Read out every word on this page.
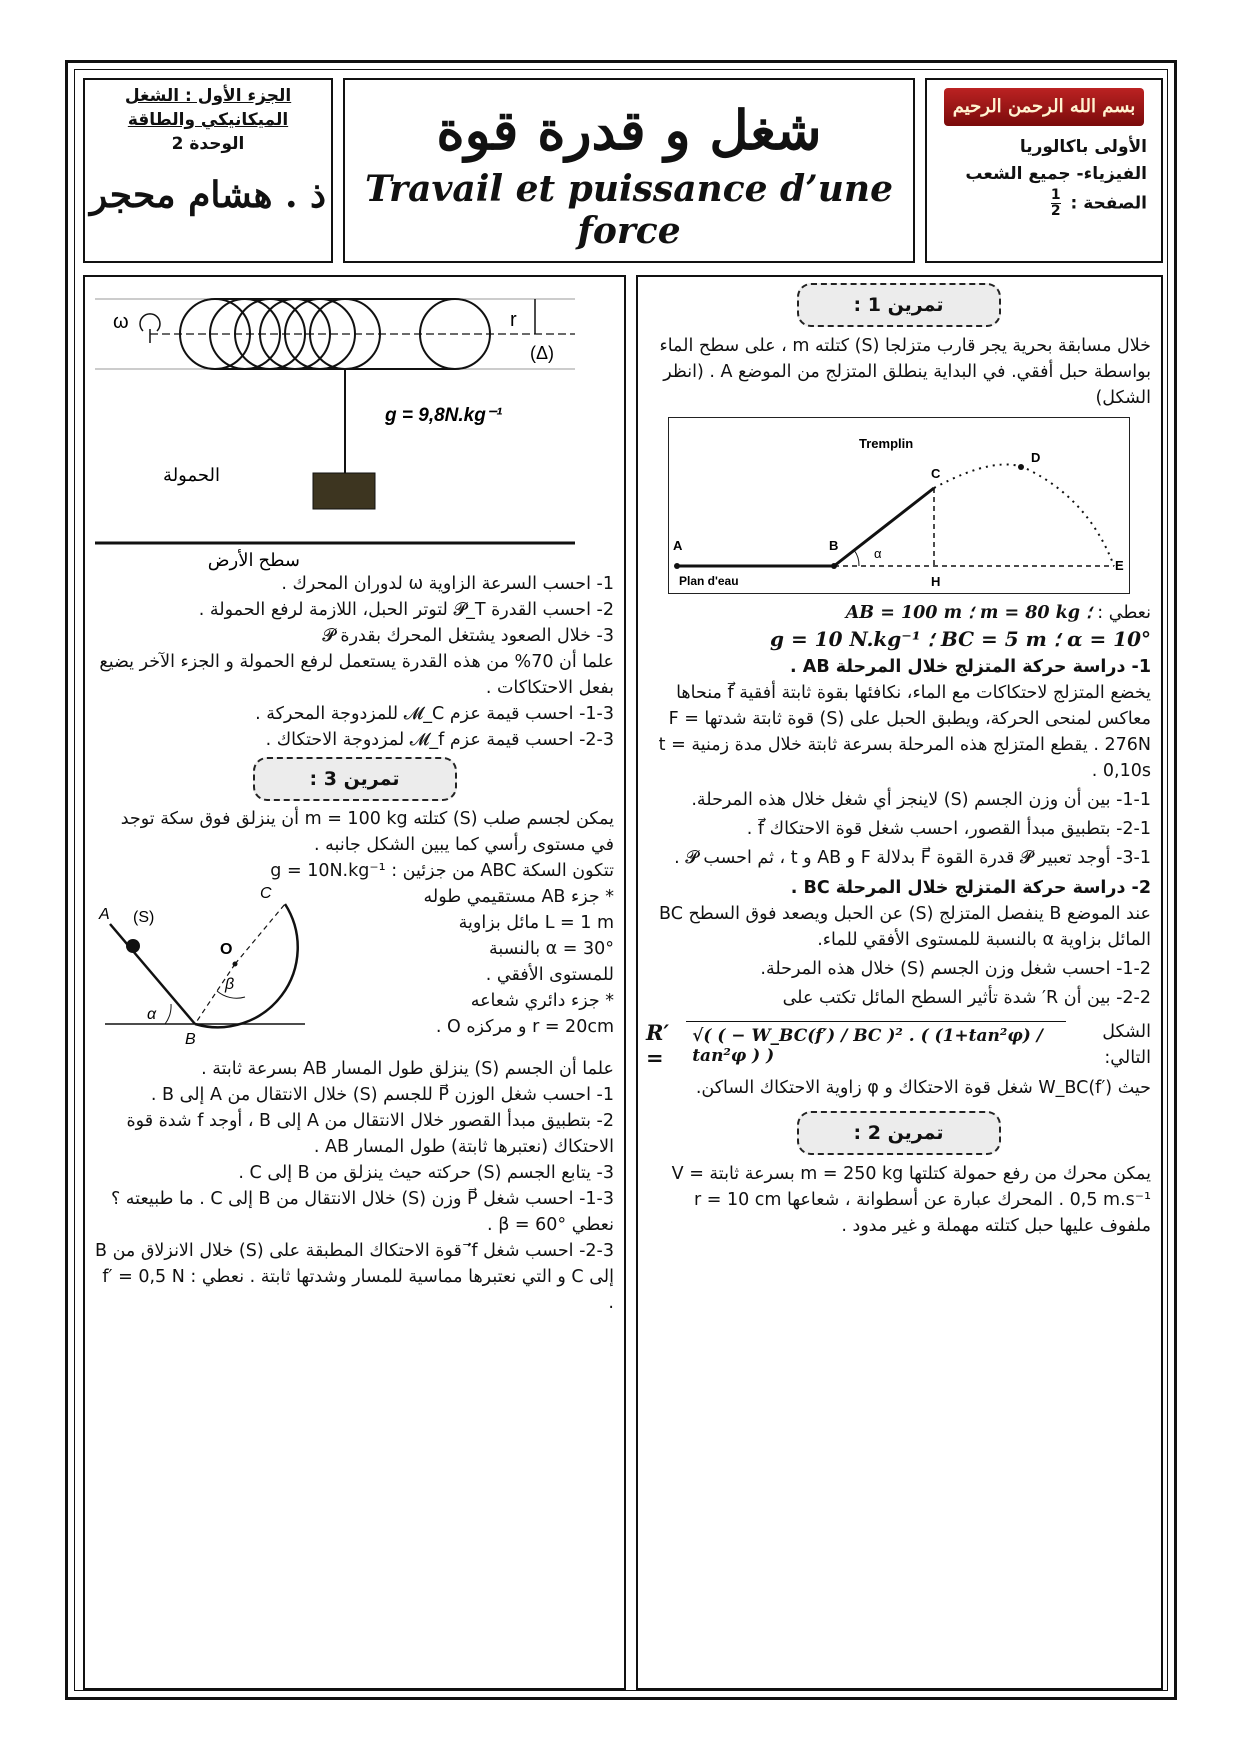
الجزء الأول : الشغل
الميكانيكي والطاقة
الوحدة 2
ذ . هشام محجر
شغل و قدرة قوة
Travail et puissance d’une force
بسم الله الرحمن الرحيم
الأولى باكالوريا
الفيزياء- جميع الشعب
الصفحة :
$\frac{1}{2}$
تمرين 1 :
خلال مسابقة بحرية يجر قارب متزلجا (S) كتلته m ، على سطح الماء بواسطة حبل أفقي. في البداية ينطلق المتزلج من الموضع A . (انظر الشكل)
A	B
C
D
E
H
α
Tremplin
Plan d'eau
نعطي : AB = 100 m ؛ m = 80 kg ؛
g = 10 N.kg⁻¹ ؛ BC = 5 m ؛ α = 10°
1- دراسة حركة المتزلج خلال المرحلة AB .
يخضع المتزلج لاحتكاكات مع الماء، نكافئها بقوة ثابتة أفقية f⃗ منحاها معاكس لمنحى الحركة، ويطبق الحبل على (S) قوة ثابتة شدتها F = 276N . يقطع المتزلج هذه المرحلة بسرعة ثابتة خلال مدة زمنية t = 0,10s .
1-1- بين أن وزن الجسم (S) لاينجز أي شغل خلال هذه المرحلة.
2-1- بتطبيق مبدأ القصور، احسب شغل قوة الاحتكاك f⃗ .
3-1- أوجد تعبير 𝓟 قدرة القوة F⃗ بدلالة F و AB و t ، ثم احسب 𝓟 .
2- دراسة حركة المتزلج خلال المرحلة BC .
عند الموضع B ينفصل المتزلج (S) عن الحبل ويصعد فوق السطح BC المائل بزاوية α بالنسبة للمستوى الأفقي للماء.
1-2- احسب شغل وزن الجسم (S) خلال هذه المرحلة.
2-2- بين أن R′ شدة تأثير السطح المائل تكتب على
الشكل التالي:
√( ( − W_BC(f′) / BC )² . ( (1+tan²φ) / tan²φ ) )
R′ =
حيث W_BC(f′) شغل قوة الاحتكاك و φ زاوية الاحتكاك الساكن.
تمرين 2 :
يمكن محرك من رفع حمولة كتلتها m = 250 kg بسرعة ثابتة V = 0,5 m.s⁻¹ . المحرك عبارة عن أسطوانة ، شعاعها r = 10 cm ملفوف عليها حبل كتلته مهملة و غير مدود .
ω	r
(Δ)
g = 9,8N.kg⁻¹
الحمولة
سطح الأرض
1- احسب السرعة الزاوية ω لدوران المحرك .
2- احسب القدرة 𝓟_T لتوتر الحبل، اللازمة لرفع الحمولة .
3- خلال الصعود يشتغل المحرك بقدرة 𝓟
علما أن 70% من هذه القدرة يستعمل لرفع الحمولة و الجزء الآخر يضيع بفعل الاحتكاكات .
1-3- احسب قيمة عزم 𝓜_C للمزدوجة المحركة .
2-3- احسب قيمة عزم 𝓜_f لمزدوجة الاحتكاك .
تمرين 3 :
يمكن لجسم صلب (S) كتلته m = 100 kg أن ينزلق فوق سكة توجد في مستوى رأسي كما يبين الشكل جانبه .
تتكون السكة ABC من جزئين : g = 10N.kg⁻¹
A (S)
O
C
B
α
β
* جزء AB مستقيمي طوله
L = 1 m مائل بزاوية
α = 30° بالنسبة
للمستوى الأفقي .
* جزء دائري شعاعه
r = 20cm و مركزه O .
علما أن الجسم (S) ينزلق طول المسار AB بسرعة ثابتة .
1- احسب شغل الوزن P⃗ للجسم (S) خلال الانتقال من A إلى B .
2- بتطبيق مبدأ القصور خلال الانتقال من A إلى B ، أوجد f شدة قوة الاحتكاك (نعتبرها ثابتة) طول المسار AB .
3- يتابع الجسم (S) حركته حيث ينزلق من B إلى C .
1-3- احسب شغل P⃗ وزن (S) خلال الانتقال من B إلى C . ما طبيعته ؟ نعطي β = 60° .
2-3- احسب شغل f′⃗ قوة الاحتكاك المطبقة على (S) خلال الانزلاق من B إلى C و التي نعتبرها مماسية للمسار وشدتها ثابتة . نعطي : f′ = 0,5 N .
